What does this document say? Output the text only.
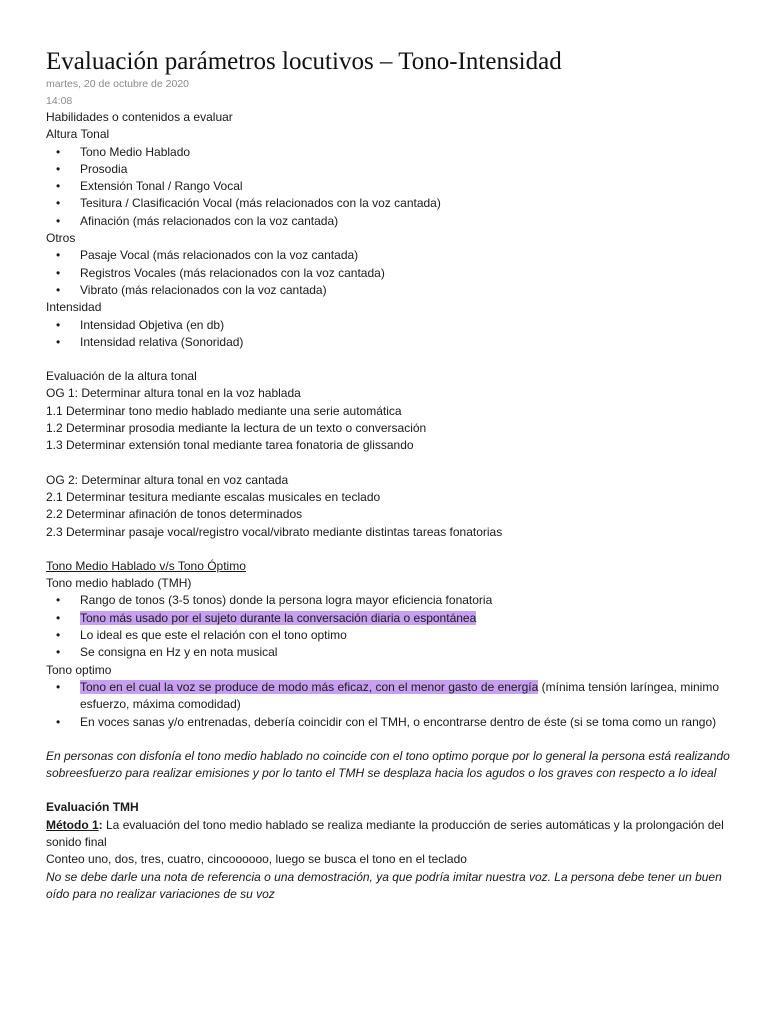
Evaluación parámetros locutivos – Tono-Intensidad
martes, 20 de octubre de 2020
14:08
Habilidades o contenidos a evaluar
Altura Tonal
• Tono Medio Hablado
• Prosodia
• Extensión Tonal / Rango Vocal
• Tesitura / Clasificación Vocal (más relacionados con la voz cantada)
• Afinación (más relacionados con la voz cantada)
Otros
• Pasaje Vocal (más relacionados con la voz cantada)
• Registros Vocales (más relacionados con la voz cantada)
• Vibrato (más relacionados con la voz cantada)
Intensidad
• Intensidad Objetiva (en db)
• Intensidad relativa (Sonoridad)
Evaluación de la altura tonal
OG 1: Determinar altura tonal en la voz hablada
1.1 Determinar tono medio hablado mediante una serie automática
1.2 Determinar prosodia mediante la lectura de un texto o conversación
1.3 Determinar extensión tonal mediante tarea fonatoria de glissando
OG 2: Determinar altura tonal en voz cantada
2.1 Determinar tesitura mediante escalas musicales en teclado
2.2 Determinar afinación de tonos determinados
2.3 Determinar pasaje vocal/registro vocal/vibrato mediante distintas tareas fonatorias
Tono Medio Hablado v/s Tono Óptimo
Tono medio hablado (TMH)
• Rango de tonos (3-5 tonos) donde la persona logra mayor eficiencia fonatoria
• Tono más usado por el sujeto durante la conversación diaria o espontánea
• Lo ideal es que este el relación con el tono optimo
• Se consigna en Hz y en nota musical
Tono optimo
• Tono en el cual la voz se produce de modo más eficaz, con el menor gasto de energía (mínima tensión laríngea, minimo esfuerzo, máxima comodidad)
• En voces sanas y/o entrenadas, debería coincidir con el TMH, o encontrarse dentro de éste (si se toma como un rango)
En personas con disfonía el tono medio hablado no coincide con el tono optimo porque por lo general la persona está realizando sobreesfuerzo para realizar emisiones y por lo tanto el TMH se desplaza hacia los agudos o los graves con respecto a lo ideal
Evaluación TMH
Método 1: La evaluación del tono medio hablado se realiza mediante la producción de series automáticas y la prolongación del sonido final
Conteo uno, dos, tres, cuatro, cincoooooo, luego se busca el tono en el teclado
No se debe darle una nota de referencia o una demostración, ya que podría imitar nuestra voz. La persona debe tener un buen oído para no realizar variaciones de su voz
